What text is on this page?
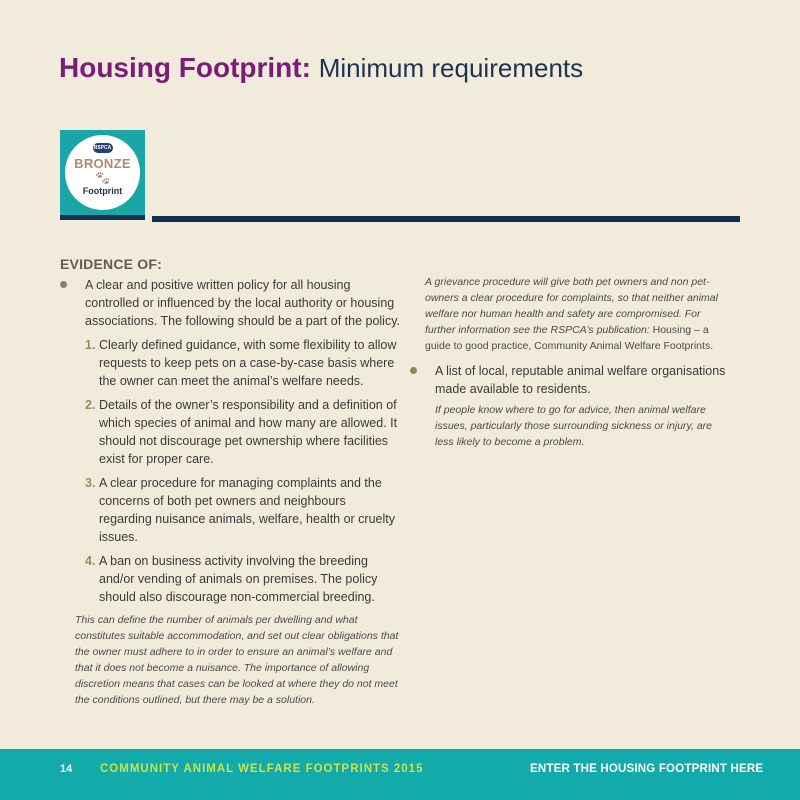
Housing Footprint: Minimum requirements
RSPCA
BRONZE
🐾︎
Footprint
EVIDENCE OF:
A clear and positive written policy for all housing controlled or influenced by the local authority or housing associations. The following should be a part of the policy.
1. Clearly defined guidance, with some flexibility to allow requests to keep pets on a case-by-case basis where the owner can meet the animal’s welfare needs.
2. Details of the owner’s responsibility and a definition of which species of animal and how many are allowed. It should not discourage pet ownership where facilities exist for proper care.
3. A clear procedure for managing complaints and the concerns of both pet owners and neighbours regarding nuisance animals, welfare, health or cruelty issues.
4. A ban on business activity involving the breeding and/or vending of animals on premises. The policy should also discourage non-commercial breeding.
This can define the number of animals per dwelling and what constitutes suitable accommodation, and set out clear obligations that the owner must adhere to in order to ensure an animal’s welfare and that it does not become a nuisance. The importance of allowing discretion means that cases can be looked at where they do not meet the conditions outlined, but there may be a solution.
A grievance procedure will give both pet owners and non pet-owners a clear procedure for complaints, so that neither animal welfare nor human health and safety are compromised. For further information see the RSPCA’s publication: Housing – a guide to good practice, Community Animal Welfare Footprints.
A list of local, reputable animal welfare organisations made available to residents.
If people know where to go for advice, then animal welfare issues, particularly those surrounding sickness or injury, are less likely to become a problem.
14 COMMUNITY ANIMAL WELFARE FOOTPRINTS 2015	ENTER THE HOUSING FOOTPRINT HERE
